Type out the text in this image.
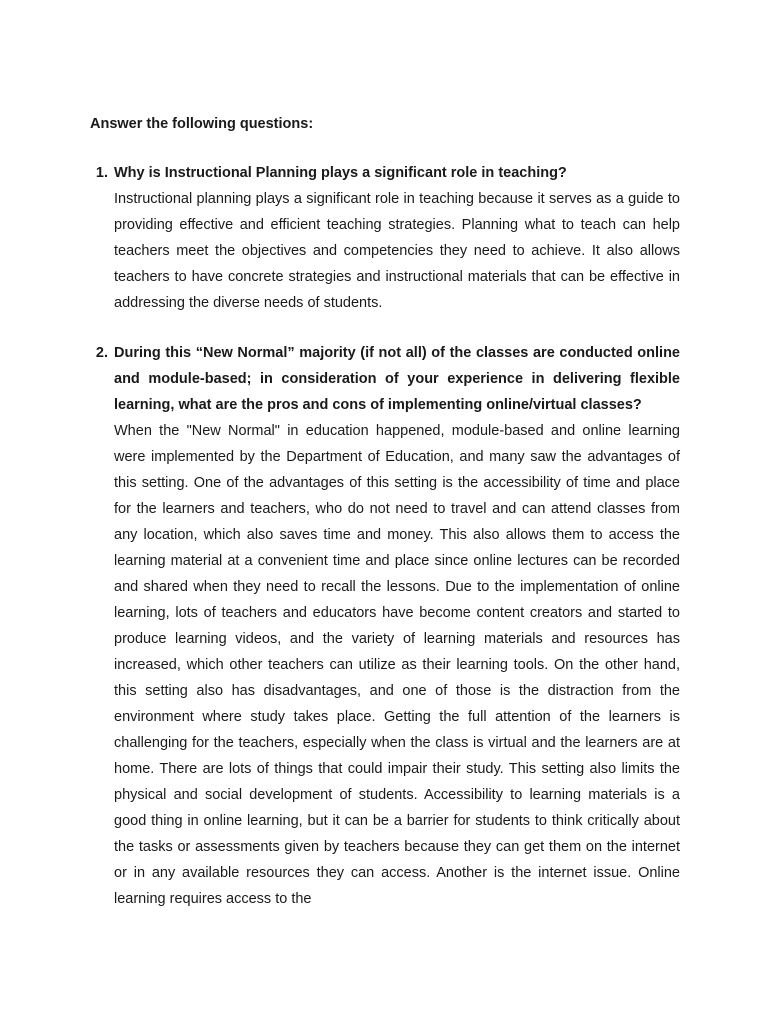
Answer the following questions:

1. Why is Instructional Planning plays a significant role in teaching?

Instructional planning plays a significant role in teaching because it serves as a guide to providing effective and efficient teaching strategies. Planning what to teach can help teachers meet the objectives and competencies they need to achieve. It also allows teachers to have concrete strategies and instructional materials that can be effective in addressing the diverse needs of students.

2. During this “New Normal” majority (if not all) of the classes are conducted online and module-based; in consideration of your experience in delivering flexible learning, what are the pros and cons of implementing online/virtual classes?

When the "New Normal" in education happened, module-based and online learning were implemented by the Department of Education, and many saw the advantages of this setting. One of the advantages of this setting is the accessibility of time and place for the learners and teachers, who do not need to travel and can attend classes from any location, which also saves time and money. This also allows them to access the learning material at a convenient time and place since online lectures can be recorded and shared when they need to recall the lessons. Due to the implementation of online learning, lots of teachers and educators have become content creators and started to produce learning videos, and the variety of learning materials and resources has increased, which other teachers can utilize as their learning tools. On the other hand, this setting also has disadvantages, and one of those is the distraction from the environment where study takes place. Getting the full attention of the learners is challenging for the teachers, especially when the class is virtual and the learners are at home. There are lots of things that could impair their study. This setting also limits the physical and social development of students. Accessibility to learning materials is a good thing in online learning, but it can be a barrier for students to think critically about the tasks or assessments given by teachers because they can get them on the internet or in any available resources they can access. Another is the internet issue. Online learning requires access to the
